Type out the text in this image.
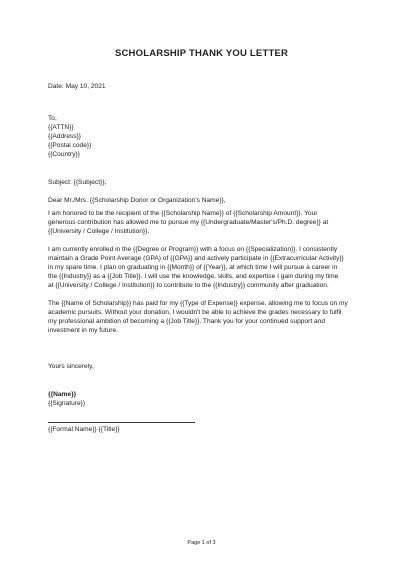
SCHOLARSHIP THANK YOU LETTER
Date: May 10, 2021
To,
{{ATTN}}
{{Address}}
{{Postal code}}
{{Country}}
Subject: {{Subject}},
Dear Mr./Mrs. {{Scholarship Donor or Organization's Name}},
I am honored to be the recipient of the {{Scholarship Name}} of {{Scholarship Amount}}. Your
generous contribution has allowed me to pursue my {{Undergraduate/Master's/Ph.D. degree}} at
{{University / College / Institution}}.
I am currently enrolled in the {{Degree or Program}} with a focus on {{Specialization}}. I consistently
maintain a Grade Point Average (GPA) of {{GPA}} and actively participate in {{Extracurricular Activity}}
in my spare time. I plan on graduating in {{Month}} of {{Year}}, at which time I will pursue a career in
the {{Industry}} as a {{Job Title}}. I will use the knowledge, skills, and expertise I gain during my time
at {{University / College / Institution}} to contribute to the {{Industry}} community after graduation.
The {{Name of Scholarship}} has paid for my {{Type of Expense}} expense, allowing me to focus on my
academic pursuits. Without your donation, I wouldn't be able to achieve the grades necessary to fulfil
my professional ambition of becoming a {{Job Title}}. Thank you for your continued support and
investment in my future.
Yours sincerely,
{{Name}}
{{Signature}}
{{Formal Name}} {{Title}}
Page 1 of 3
